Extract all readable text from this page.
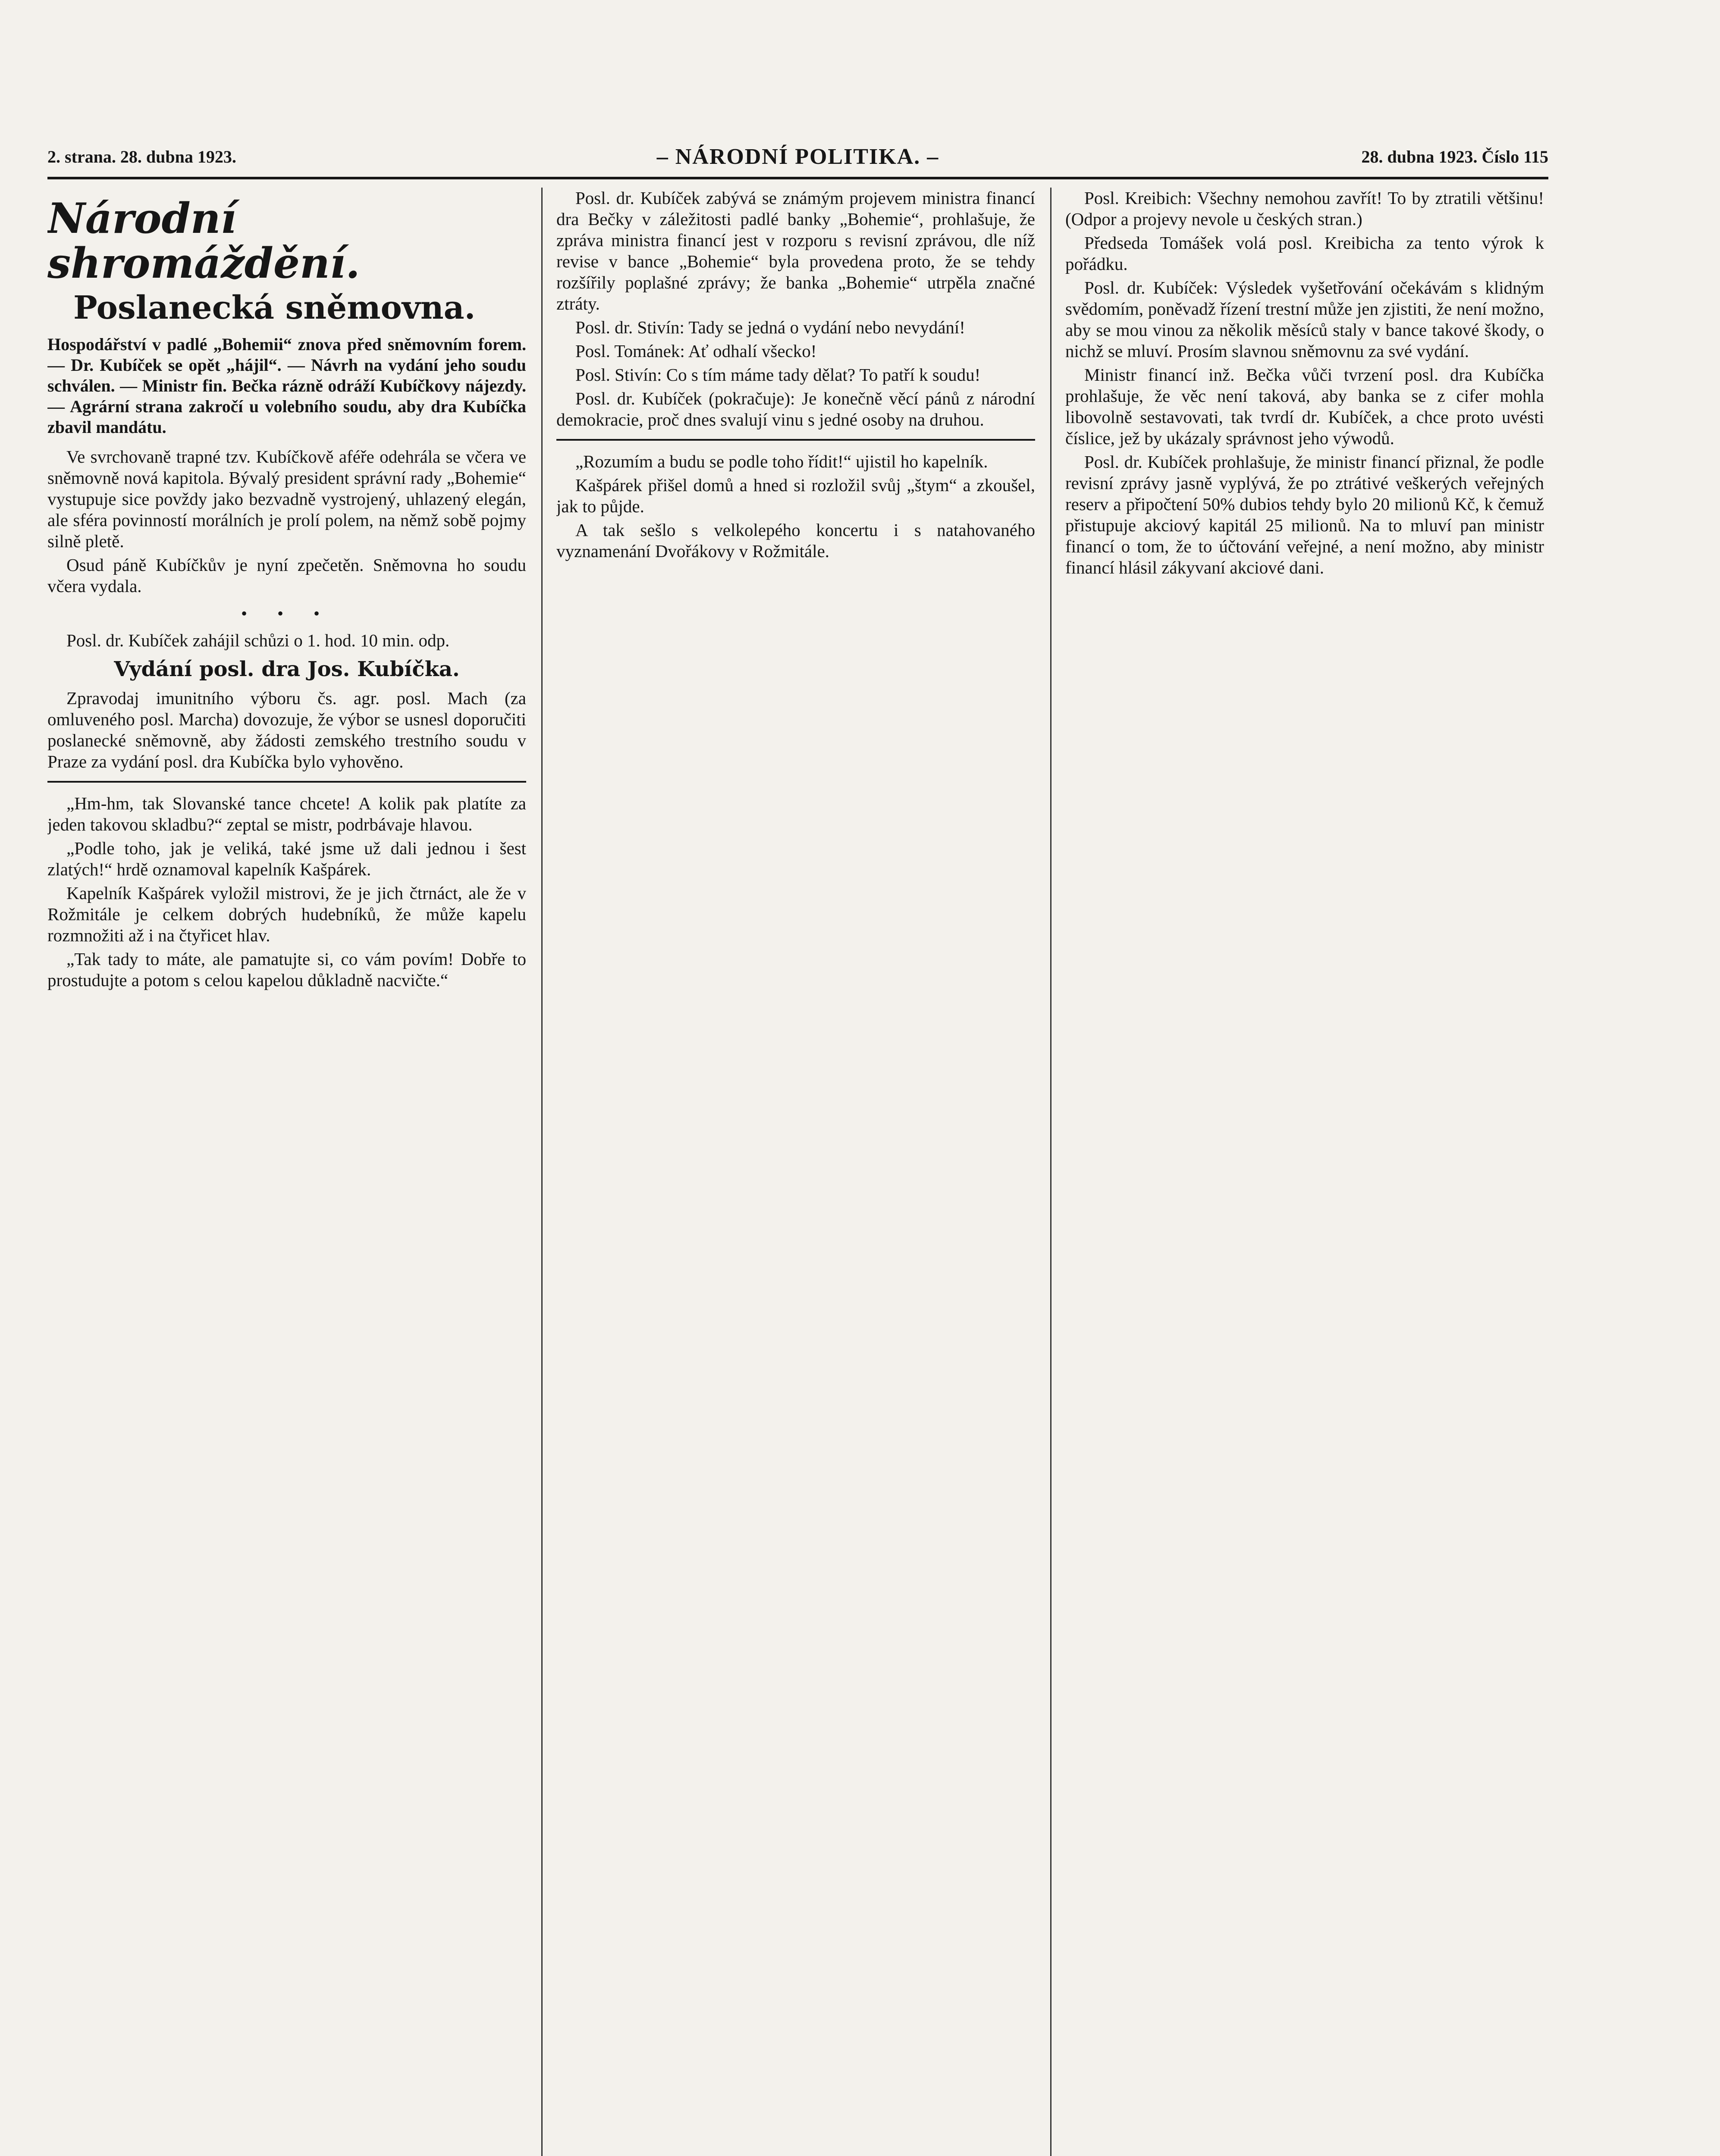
2. strana. 28. dubna 1923.	– NÁRODNÍ POLITIKA. –	28. dubna 1923. Číslo 115
Národní shromáždění.
Poslanecká sněmovna.
Hospodářství v padlé „Bohemii“ znova před sněmovním forem. — Dr. Kubíček se opět „hájil“. — Návrh na vydání jeho soudu schválen. — Ministr fin. Bečka rázně odráží Kubíčkovy nájezdy. — Agrární strana zakročí u volebního soudu, aby dra Kubíčka zbavil mandátu.

Ve svrchovaně trapné tzv. Kubíčkově aféře odehrála se včera ve sněmovně nová kapitola. Bývalý president správní rady „Bohemie“ vystupuje sice povždy jako bezvadně vystrojený, uhlazený elegán, ale sféra povinností morálních je prolí polem, na němž sobě pojmy silně pletě.

Osud páně Kubíčkův je nyní zpečetěn. Sněmovna ho soudu včera vydala.

• • •

Posl. dr. Kubíček zahájil schůzi o 1. hod. 10 min. odp.

Vydání posl. dra Jos. Kubíčka.

Zpravodaj imunitního výboru čs. agr. posl. Mach (za omluveného posl. Marcha) dovozuje, že výbor se usnesl doporučiti poslanecké sněmovně, aby žádosti zemského trestního soudu v Praze za vydání posl. dra Kubíčka bylo vyhověno.

„Hm-hm, tak Slovanské tance chcete! A kolik pak platíte za jeden takovou skladbu?“ zeptal se mistr, podrbávaje hlavou.

„Podle toho, jak je veliká, také jsme už dali jednou i šest zlatých!“ hrdě oznamoval kapelník Kašpárek.

Kapelník Kašpárek vyložil mistrovi, že je jich čtrnáct, ale že v Rožmitále je celkem dobrých hudebníků, že může kapelu rozmnožiti až i na čtyřicet hlav.

„Tak tady to máte, ale pamatujte si, co vám povím! Dobře to prostudujte a potom s celou kapelou důkladně nacvičte.“

Posl. dr. Kubíček zabývá se známým projevem ministra financí dra Bečky v záležitosti padlé banky „Bohemie“, prohlašuje, že zpráva ministra financí jest v rozporu s revisní zprávou, dle níž revise v bance „Bohemie“ byla provedena proto, že se tehdy rozšířily poplašné zprávy; že banka „Bohemie“ utrpěla značné ztráty.

Posl. dr. Stivín: Tady se jedná o vydání nebo nevydání!

Posl. Tománek: Ať odhalí všecko!

Posl. Stivín: Co s tím máme tady dělat? To patří k soudu!

Posl. dr. Kubíček (pokračuje): Je konečně věcí pánů z národní demokracie, proč dnes svalují vinu s jedné osoby na druhou.

„Rozumím a budu se podle toho řídit!“ ujistil ho kapelník.

Kašpárek přišel domů a hned si rozložil svůj „štym“ a zkoušel, jak to půjde.

A tak sešlo s velkolepého koncertu i s natahovaného vyznamenání Dvořákovy v Rožmitále.

Posl. Kreibich: Všechny nemohou zavřít! To by ztratili většinu! (Odpor a projevy nevole u českých stran.)

Předseda Tomášek volá posl. Kreibicha za tento výrok k pořádku.

Posl. dr. Kubíček: Výsledek vyšetřování očekávám s klidným svědomím, poněvadž řízení trestní může jen zjistiti, že není možno, aby se mou vinou za několik měsíců staly v bance takové škody, o nichž se mluví. Prosím slavnou sněmovnu za své vydání.

Ministr financí inž. Bečka vůči tvrzení posl. dra Kubíčka prohlašuje, že věc není taková, aby banka se z cifer mohla libovolně sestavovati, tak tvrdí dr. Kubíček, a chce proto uvésti číslice, jež by ukázaly správnost jeho výwodů.

Posl. dr. Kubíček prohlašuje, že ministr financí přiznal, že podle revisní zprávy jasně vyplývá, že po ztrátivé veškerých veřejných reserv a připočtení 50% dubios tehdy bylo 20 milionů Kč, k čemuž přistupuje akciový kapitál 25 milionů. Na to mluví pan ministr financí o tom, že to účtování veřejné, a není možno, aby ministr financí hlásil zákyvaní akciové dani.
